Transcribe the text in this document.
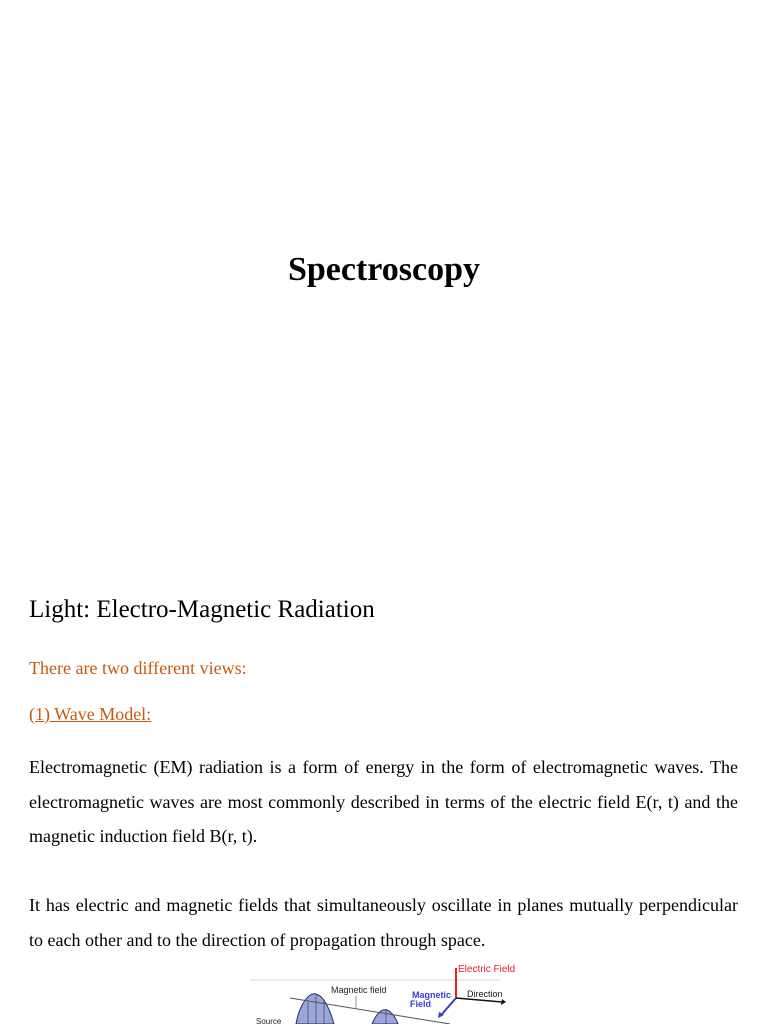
Spectroscopy
Light: Electro-Magnetic Radiation

There are two different views:

(1) Wave Model:

Electromagnetic (EM) radiation is a form of energy in the form of electromagnetic waves. The electromagnetic waves are most commonly described in terms of the electric field E(r, t) and the magnetic induction field B(r, t).

It has electric and magnetic fields that simultaneously oscillate in planes mutually perpendicular to each other and to the direction of propagation through space.

Electric Field
Magnetic field	Magnetic
Field
Direction
Source
